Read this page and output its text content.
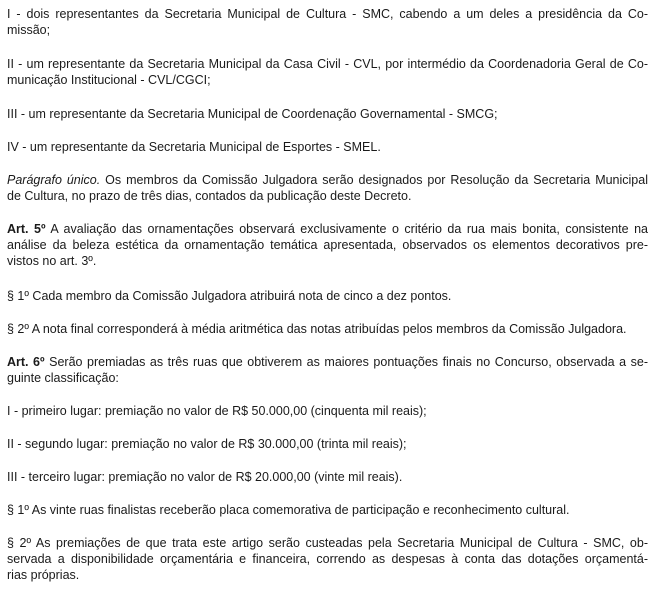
I - dois representantes da Secretaria Municipal de Cultura - SMC, cabendo a um deles a presidência da Co-
missão;

II - um representante da Secretaria Municipal da Casa Civil - CVL, por intermédio da Coordenadoria Geral de Co-
municação Institucional - CVL/CGCI;

III - um representante da Secretaria Municipal de Coordenação Governamental - SMCG;

IV - um representante da Secretaria Municipal de Esportes - SMEL.

Parágrafo único. Os membros da Comissão Julgadora serão designados por Resolução da Secretaria Municipal
de Cultura, no prazo de três dias, contados da publicação deste Decreto.

Art. 5º A avaliação das ornamentações observará exclusivamente o critério da rua mais bonita, consistente na
análise da beleza estética da ornamentação temática apresentada, observados os elementos decorativos pre-
vistos no art. 3º.

§ 1º Cada membro da Comissão Julgadora atribuirá nota de cinco a dez pontos.

§ 2º A nota final corresponderá à média aritmética das notas atribuídas pelos membros da Comissão Julgadora.

Art. 6º Serão premiadas as três ruas que obtiverem as maiores pontuações finais no Concurso, observada a se-
guinte classificação:

I - primeiro lugar: premiação no valor de R$ 50.000,00 (cinquenta mil reais);

II - segundo lugar: premiação no valor de R$ 30.000,00 (trinta mil reais);

III - terceiro lugar: premiação no valor de R$ 20.000,00 (vinte mil reais).

§ 1º As vinte ruas finalistas receberão placa comemorativa de participação e reconhecimento cultural.

§ 2º As premiações de que trata este artigo serão custeadas pela Secretaria Municipal de Cultura - SMC, ob-
servada a disponibilidade orçamentária e financeira, correndo as despesas à conta das dotações orçamentá-
rias próprias.
